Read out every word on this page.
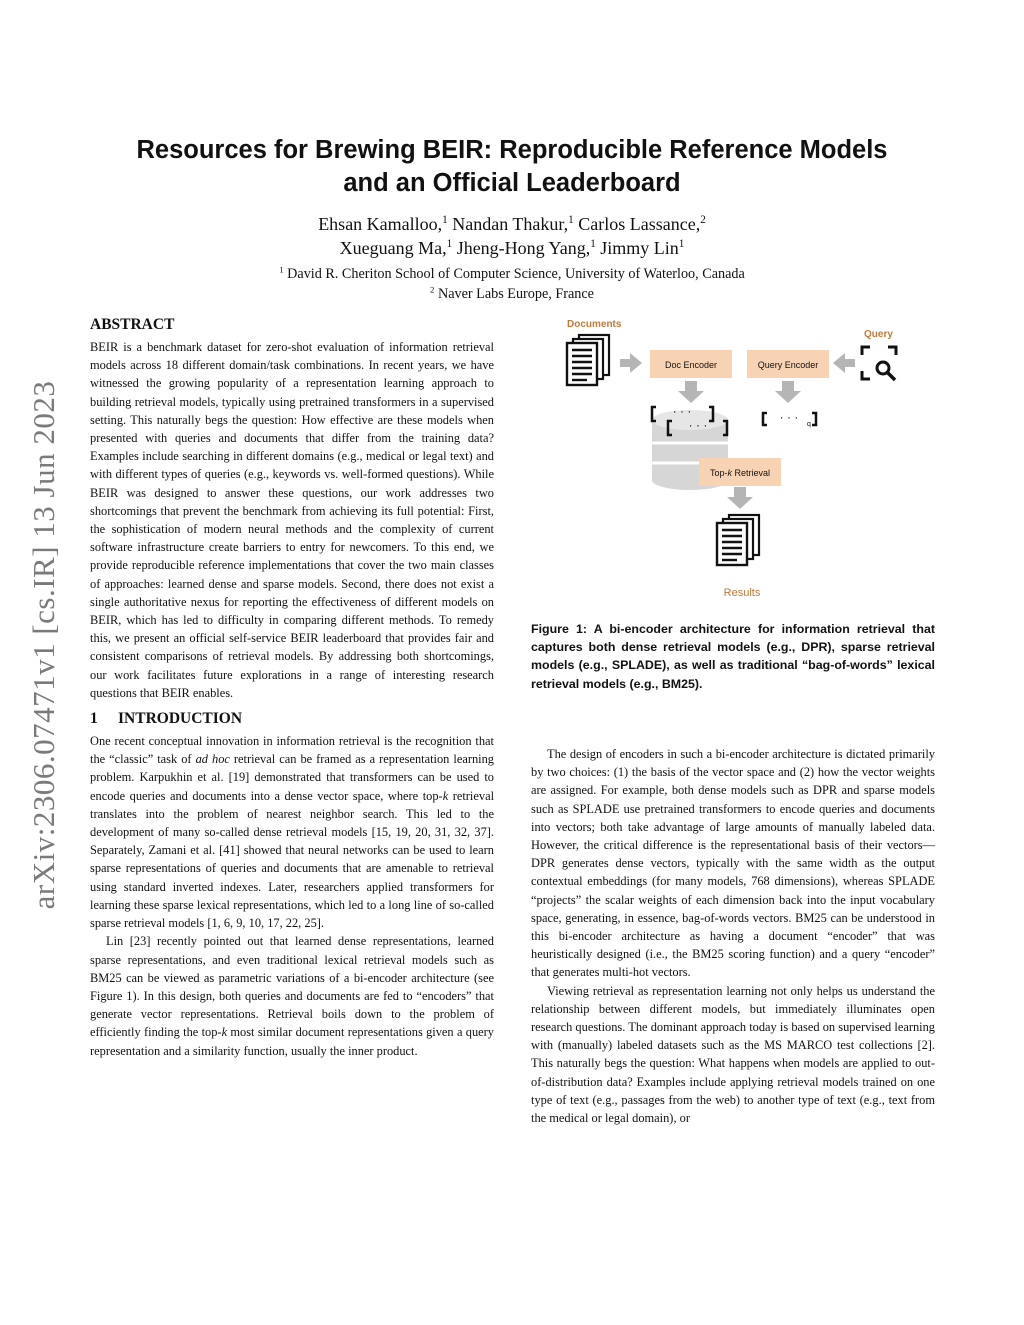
arXiv:2306.07471v1 [cs.IR] 13 Jun 2023
Resources for Brewing BEIR: Reproducible Reference Models
and an Official Leaderboard
Ehsan Kamalloo,$^1$ Nandan Thakur,$^1$ Carlos Lassance,$^2$
Xueguang Ma,$^1$ Jheng-Hong Yang,$^1$ Jimmy Lin$^1$
$^1$ David R. Cheriton School of Computer Science, University of Waterloo, Canada
$^2$ Naver Labs Europe, France
ABSTRACT

BEIR is a benchmark dataset for zero-shot evaluation of information retrieval models across 18 different domain/task combinations. In recent years, we have witnessed the growing popularity of a representation learning approach to building retrieval models, typically using pretrained transformers in a supervised setting. This naturally begs the question: How effective are these models when presented with queries and documents that differ from the training data? Examples include searching in different domains (e.g., medical or legal text) and with different types of queries (e.g., keywords vs. well-formed questions). While BEIR was designed to answer these questions, our work addresses two shortcomings that prevent the benchmark from achieving its full potential: First, the sophistication of modern neural methods and the complexity of current software infrastructure create barriers to entry for newcomers. To this end, we provide reproducible reference implementations that cover the two main classes of approaches: learned dense and sparse models. Second, there does not exist a single authoritative nexus for reporting the effectiveness of different models on BEIR, which has led to difficulty in comparing different methods. To remedy this, we present an official self-service BEIR leaderboard that provides fair and consistent comparisons of retrieval models. By addressing both shortcomings, our work facilitates future explorations in a range of interesting research questions that BEIR enables.

1 INTRODUCTION

One recent conceptual innovation in information retrieval is the recognition that the “classic” task of ad hoc retrieval can be framed as a representation learning problem. Karpukhin et al. [19] demonstrated that transformers can be used to encode queries and documents into a dense vector space, where top-k retrieval translates into the problem of nearest neighbor search. This led to the development of many so-called dense retrieval models [15, 19, 20, 31, 32, 37]. Separately, Zamani et al. [41] showed that neural networks can be used to learn sparse representations of queries and documents that are amenable to retrieval using standard inverted indexes. Later, researchers applied transformers for learning these sparse lexical representations, which led to a long line of so-called sparse retrieval models [1, 6, 9, 10, 17, 22, 25].

Lin [23] recently pointed out that learned dense representations, learned sparse representations, and even traditional lexical retrieval models such as BM25 can be viewed as parametric variations of a bi-encoder architecture (see Figure 1). In this design, both queries and documents are fed to “encoders” that generate vector representations. Retrieval boils down to the problem of efficiently finding the top-k most similar document representations given a query representation and a similarity function, usually the inner product.

Documents
Query
Doc Encoder	Query Encoder
· · ·
· · ·
· · ·
q
Top-k Retrieval
Results
Figure 1: A bi-encoder architecture for information retrieval that captures both dense retrieval models (e.g., DPR), sparse retrieval models (e.g., SPLADE), as well as traditional “bag-of-words” lexical retrieval models (e.g., BM25).

The design of encoders in such a bi-encoder architecture is dictated primarily by two choices: (1) the basis of the vector space and (2) how the vector weights are assigned. For example, both dense models such as DPR and sparse models such as SPLADE use pretrained transformers to encode queries and documents into vectors; both take advantage of large amounts of manually labeled data. However, the critical difference is the representational basis of their vectors—DPR generates dense vectors, typically with the same width as the output contextual embeddings (for many models, 768 dimensions), whereas SPLADE “projects” the scalar weights of each dimension back into the input vocabulary space, generating, in essence, bag-of-words vectors. BM25 can be understood in this bi-encoder architecture as having a document “encoder” that was heuristically designed (i.e., the BM25 scoring function) and a query “encoder” that generates multi-hot vectors.

Viewing retrieval as representation learning not only helps us understand the relationship between different models, but immediately illuminates open research questions. The dominant approach today is based on supervised learning with (manually) labeled datasets such as the MS MARCO test collections [2]. This naturally begs the question: What happens when models are applied to out-of-distribution data? Examples include applying retrieval models trained on one type of text (e.g., passages from the web) to another type of text (e.g., text from the medical or legal domain), or
